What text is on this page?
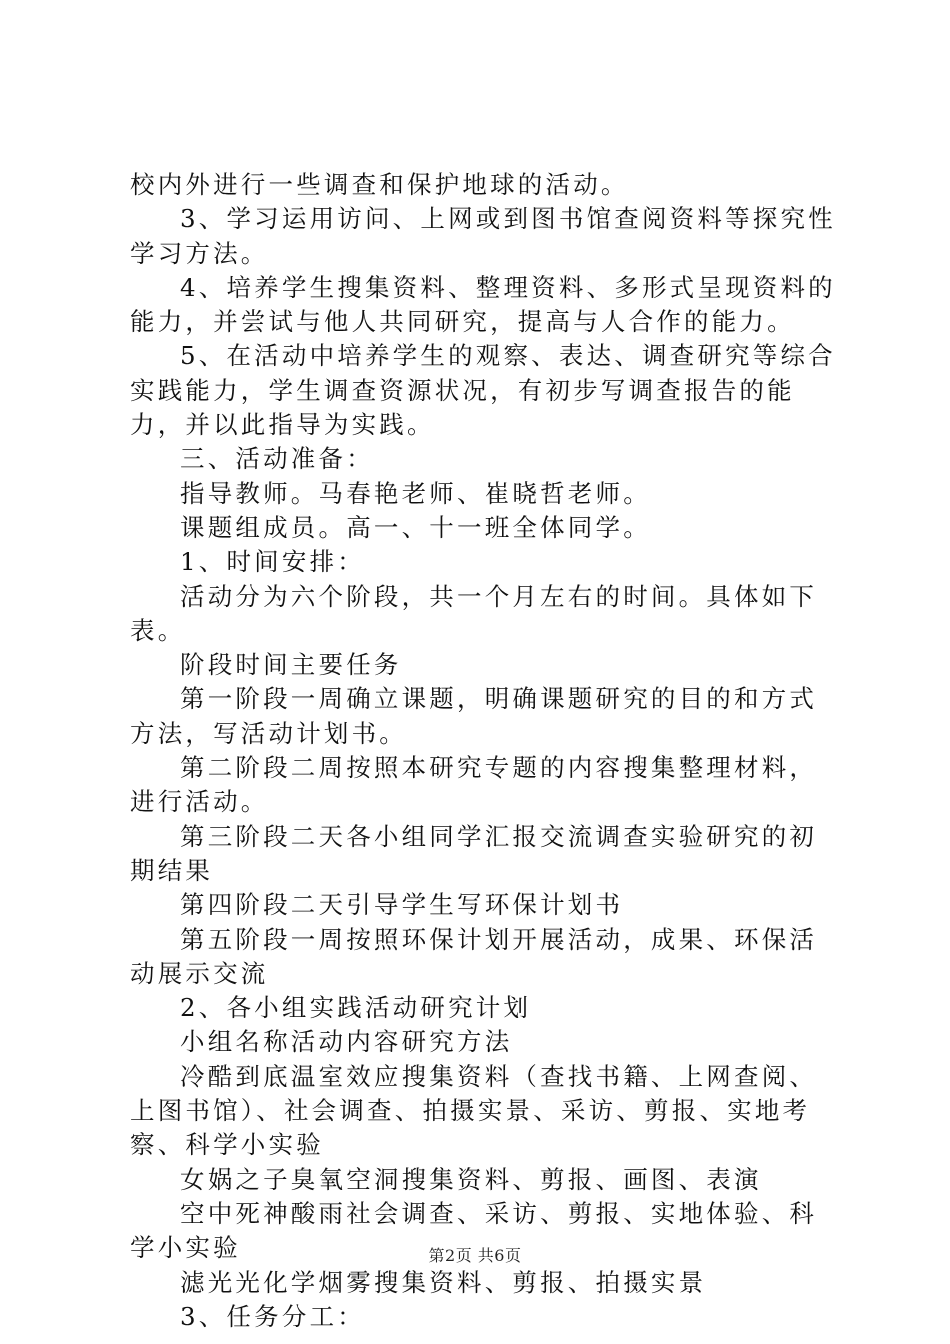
校内外进行一些调查和保护地球的活动。

3、学习运用访问、上网或到图书馆查阅资料等探究性学习方法。

4、培养学生搜集资料、整理资料、多形式呈现资料的能力，并尝试与他人共同研究，提高与人合作的能力。

5、在活动中培养学生的观察、表达、调查研究等综合实践能力，学生调查资源状况，有初步写调查报告的能力，并以此指导为实践。

三、活动准备：

指导教师。马春艳老师、崔晓哲老师。

课题组成员。高一、十一班全体同学。

1、时间安排：

活动分为六个阶段，共一个月左右的时间。具体如下表。

阶段时间主要任务

第一阶段一周确立课题，明确课题研究的目的和方式方法，写活动计划书。

第二阶段二周按照本研究专题的内容搜集整理材料，进行活动。

第三阶段二天各小组同学汇报交流调查实验研究的初期结果

第四阶段二天引导学生写环保计划书

第五阶段一周按照环保计划开展活动，成果、环保活动展示交流

2、各小组实践活动研究计划

小组名称活动内容研究方法

冷酷到底温室效应搜集资料（查找书籍、上网查阅、上图书馆）、社会调查、拍摄实景、采访、剪报、实地考察、科学小实验

女娲之子臭氧空洞搜集资料、剪报、画图、表演

空中死神酸雨社会调查、采访、剪报、实地体验、科学小实验

滤光光化学烟雾搜集资料、剪报、拍摄实景

3、任务分工：

第2页 共6页
